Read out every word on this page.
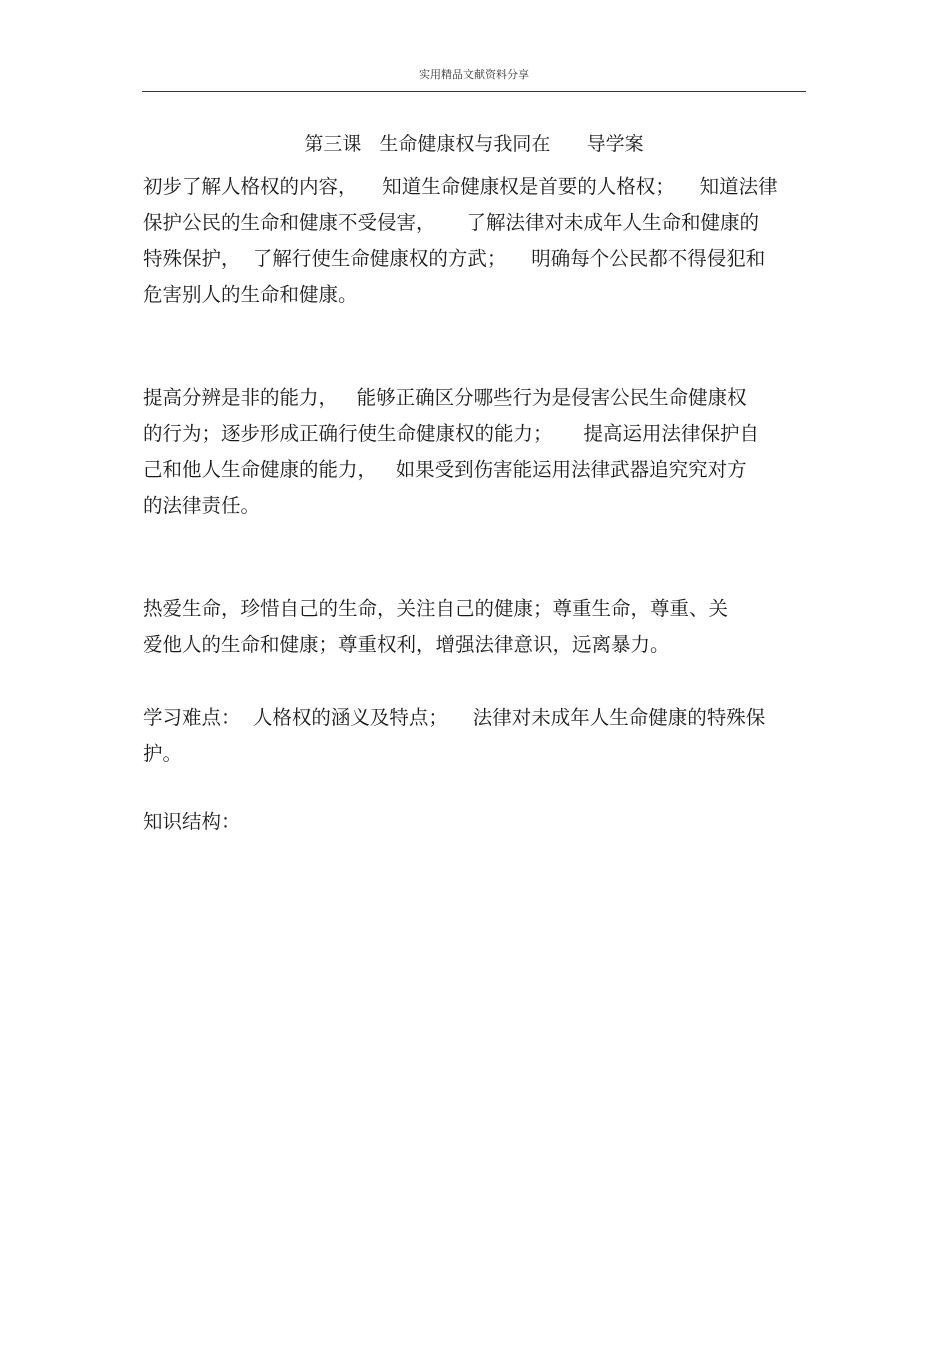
实用精品文献资料分享
第三课   生命健康权与我同在      导学案

初步了解人格权的内容，    知道生命健康权是首要的人格权；    知道法律
保护公民的生命和健康不受侵害，     了解法律对未成年人生命和健康的
特殊保护，  了解行使生命健康权的方武；    明确每个公民都不得侵犯和
危害别人的生命和健康。

提高分辨是非的能力，   能够正确区分哪些行为是侵害公民生命健康权
的行为；逐步形成正确行使生命健康权的能力；     提高运用法律保护自
己和他人生命健康的能力，   如果受到伤害能运用法律武器追究究对方
的法律责任。

热爱生命，珍惜自己的生命，关注自己的健康；尊重生命，尊重、关
爱他人的生命和健康；尊重权利，增强法律意识，远离暴力。

学习难点：  人格权的涵义及特点；    法律对未成年人生命健康的特殊保
护。

知识结构：
